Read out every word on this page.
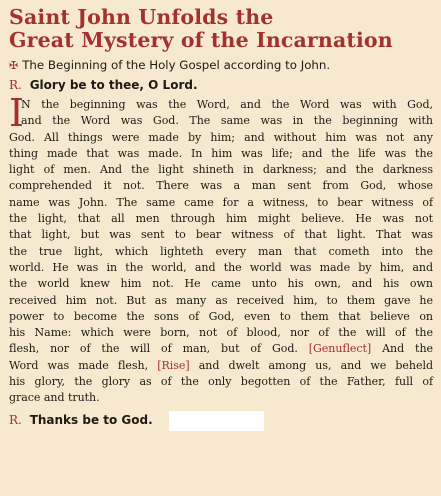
Saint John Unfolds the
Great Mystery of the Incarnation
✠ The Beginning of the Holy Gospel according to John.
R. Glory be to thee, O Lord.
I
N the beginning was the Word, and the Word was with God,
and the Word was God. The same was in the beginning with
God. All things were made by him; and without him was not any
thing made that was made. In him was life; and the life was the
light of men. And the light shineth in darkness; and the darkness
comprehended it not. There was a man sent from God, whose
name was John. The same came for a witness, to bear witness of
the light, that all men through him might believe. He was not
that light, but was sent to bear witness of that light. That was
the true light, which lighteth every man that cometh into the
world. He was in the world, and the world was made by him, and
the world knew him not. He came unto his own, and his own
received him not. But as many as received him, to them gave he
power to become the sons of God, even to them that believe on
his Name: which were born, not of blood, nor of the will of the
flesh, nor of the will of man, but of God. [Genuflect] And the
Word was made flesh, [Rise] and dwelt among us, and we beheld
his glory, the glory as of the only begotten of the Father, full of
grace and truth.
R. Thanks be to God.
